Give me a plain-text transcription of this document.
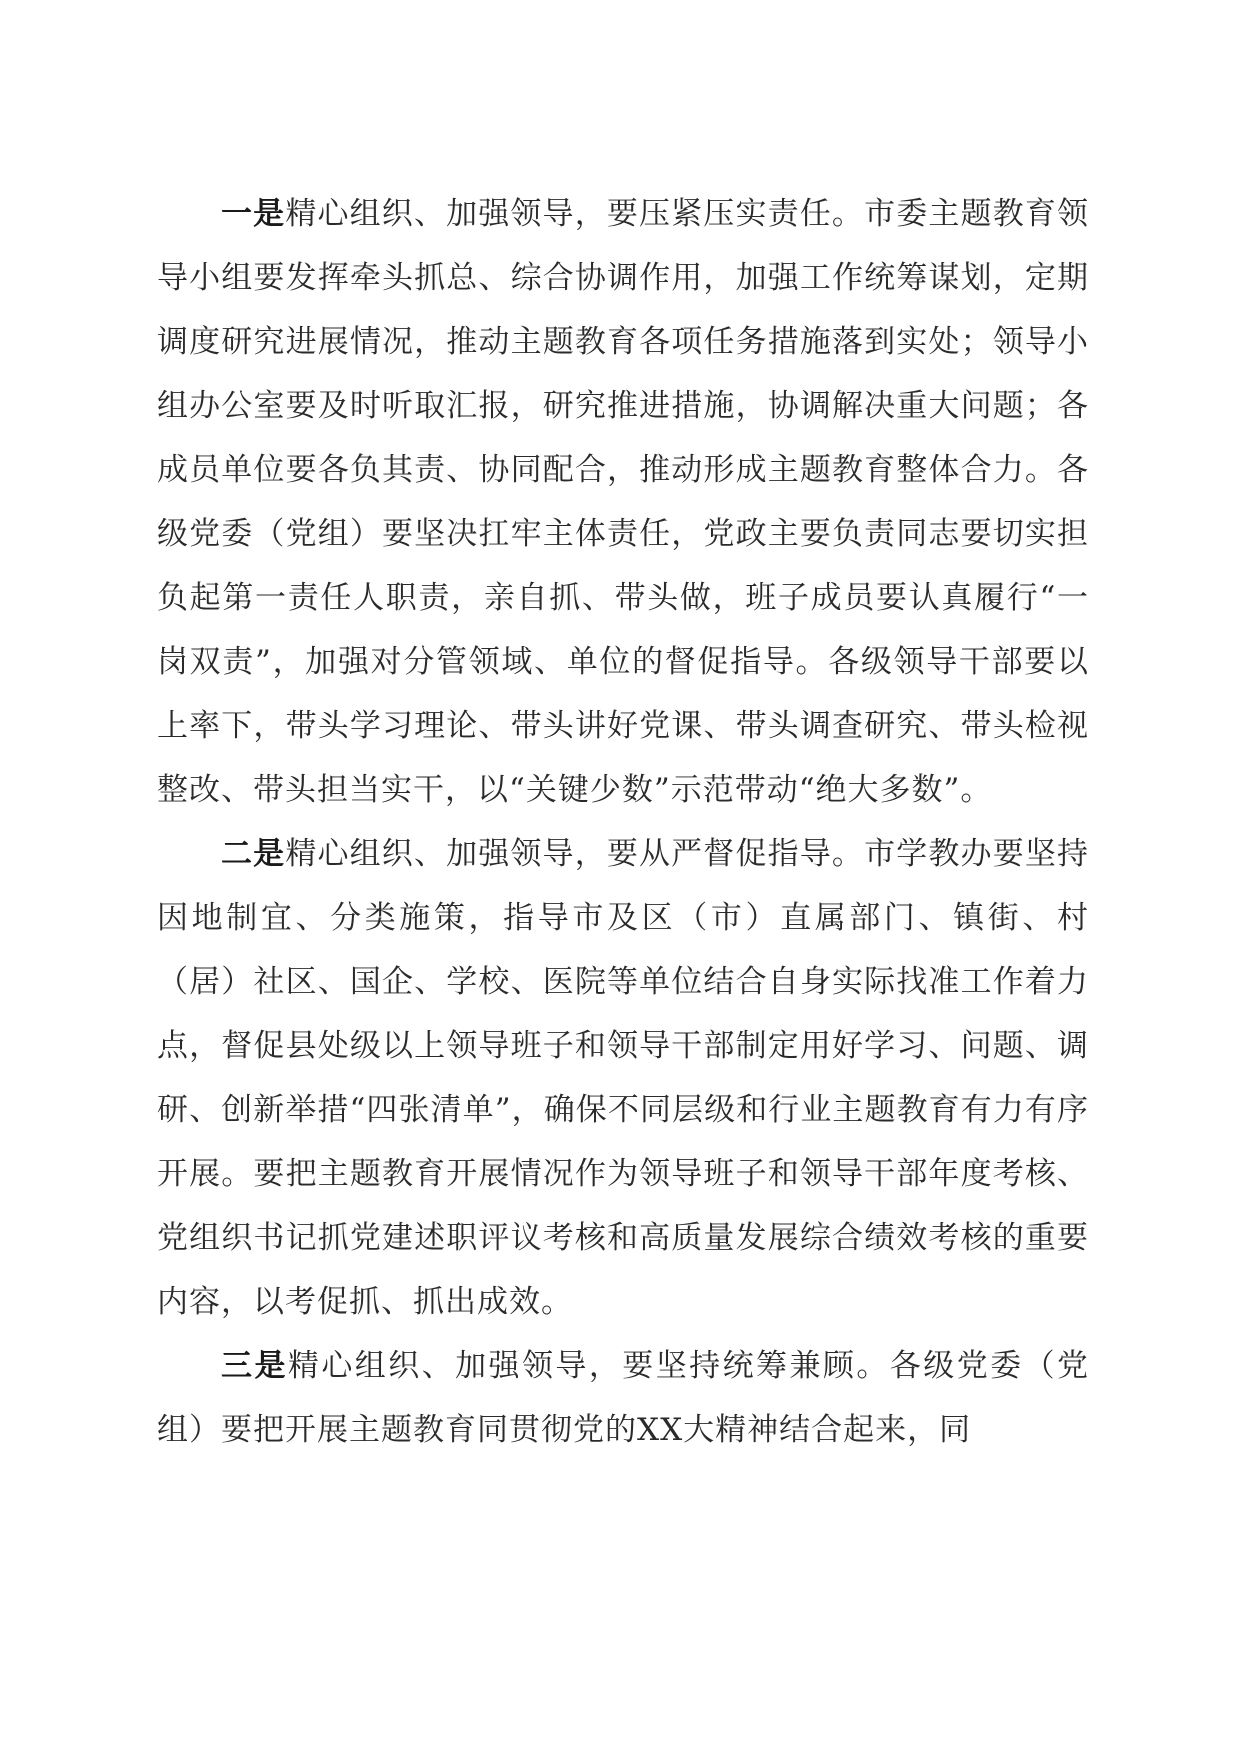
一是精心组织、加强领导，要压紧压实责任。市委主题教育领导小组要发挥牵头抓总、综合协调作用，加强工作统筹谋划，定期调度研究进展情况，推动主题教育各项任务措施落到实处；领导小组办公室要及时听取汇报，研究推进措施，协调解决重大问题；各成员单位要各负其责、协同配合，推动形成主题教育整体合力。各级党委（党组）要坚决扛牢主体责任，党政主要负责同志要切实担负起第一责任人职责，亲自抓、带头做，班子成员要认真履行“一岗双责”，加强对分管领域、单位的督促指导。各级领导干部要以上率下，带头学习理论、带头讲好党课、带头调查研究、带头检视整改、带头担当实干，以“关键少数”示范带动“绝大多数”。

二是精心组织、加强领导，要从严督促指导。市学教办要坚持因地制宜、分类施策，指导市及区（市）直属部门、镇街、村（居）社区、国企、学校、医院等单位结合自身实际找准工作着力点，督促县处级以上领导班子和领导干部制定用好学习、问题、调研、创新举措“四张清单”，确保不同层级和行业主题教育有力有序开展。要把主题教育开展情况作为领导班子和领导干部年度考核、党组织书记抓党建述职评议考核和高质量发展综合绩效考核的重要内容，以考促抓、抓出成效。

三是精心组织、加强领导，要坚持统筹兼顾。各级党委（党组）要把开展主题教育同贯彻党的XX大精神结合起来，同
